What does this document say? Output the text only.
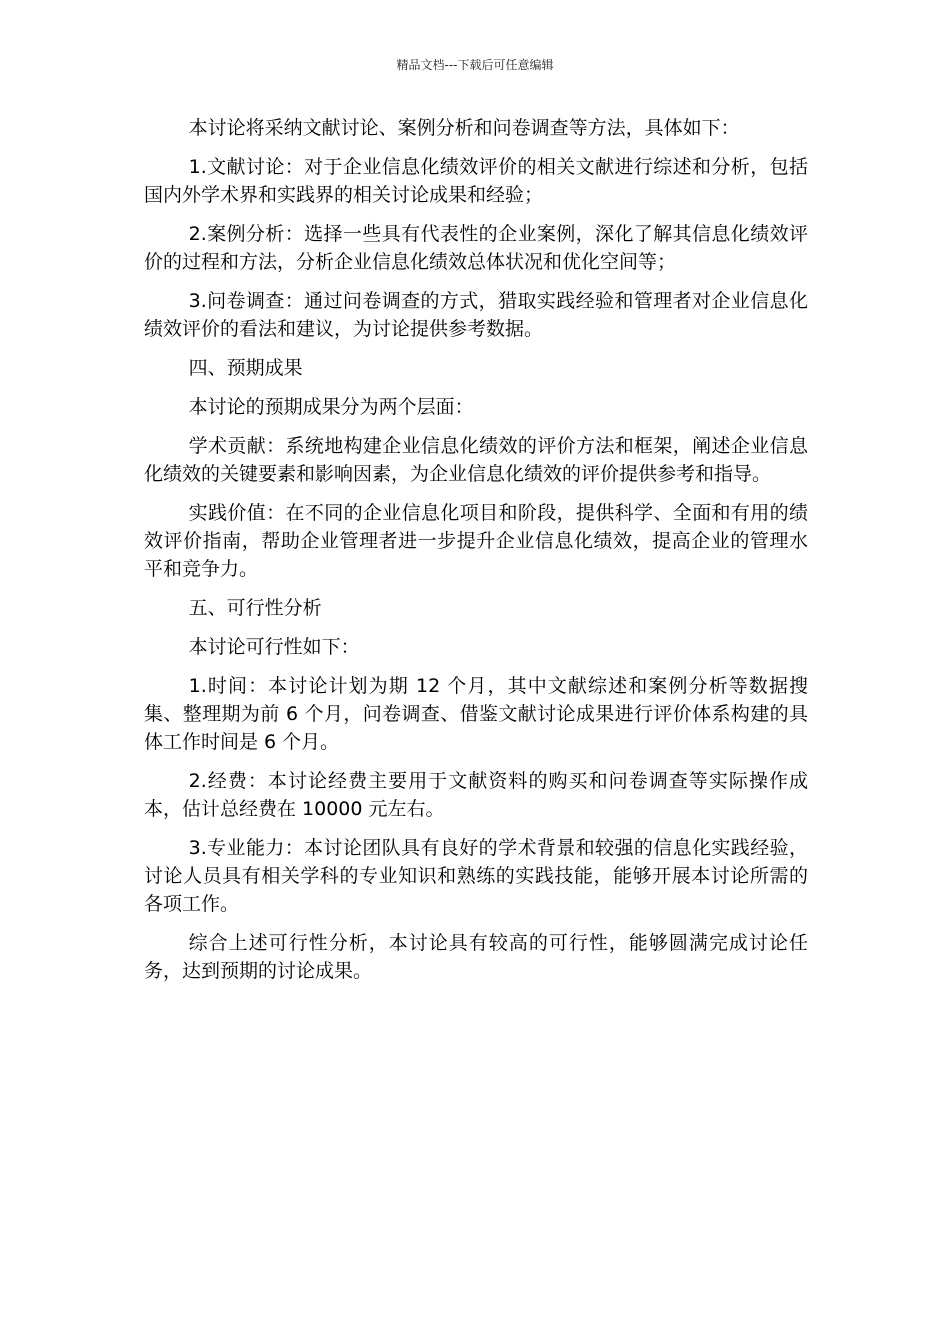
精品文档---下载后可任意编辑

本讨论将采纳文献讨论、案例分析和问卷调查等方法，具体如下：

1.文献讨论：对于企业信息化绩效评价的相关文献进行综述和分析，包括国内外学术界和实践界的相关讨论成果和经验；

2.案例分析：选择一些具有代表性的企业案例，深化了解其信息化绩效评价的过程和方法，分析企业信息化绩效总体状况和优化空间等；

3.问卷调查：通过问卷调查的方式，猎取实践经验和管理者对企业信息化绩效评价的看法和建议，为讨论提供参考数据。

四、预期成果

本讨论的预期成果分为两个层面：

学术贡献：系统地构建企业信息化绩效的评价方法和框架，阐述企业信息化绩效的关键要素和影响因素，为企业信息化绩效的评价提供参考和指导。

实践价值：在不同的企业信息化项目和阶段，提供科学、全面和有用的绩效评价指南，帮助企业管理者进一步提升企业信息化绩效，提高企业的管理水平和竞争力。

五、可行性分析

本讨论可行性如下：

1.时间：本讨论计划为期 12 个月，其中文献综述和案例分析等数据搜集、整理期为前 6 个月，问卷调查、借鉴文献讨论成果进行评价体系构建的具体工作时间是 6 个月。

2.经费：本讨论经费主要用于文献资料的购买和问卷调查等实际操作成本，估计总经费在 10000 元左右。

3.专业能力：本讨论团队具有良好的学术背景和较强的信息化实践经验，讨论人员具有相关学科的专业知识和熟练的实践技能，能够开展本讨论所需的各项工作。

综合上述可行性分析，本讨论具有较高的可行性，能够圆满完成讨论任务，达到预期的讨论成果。
